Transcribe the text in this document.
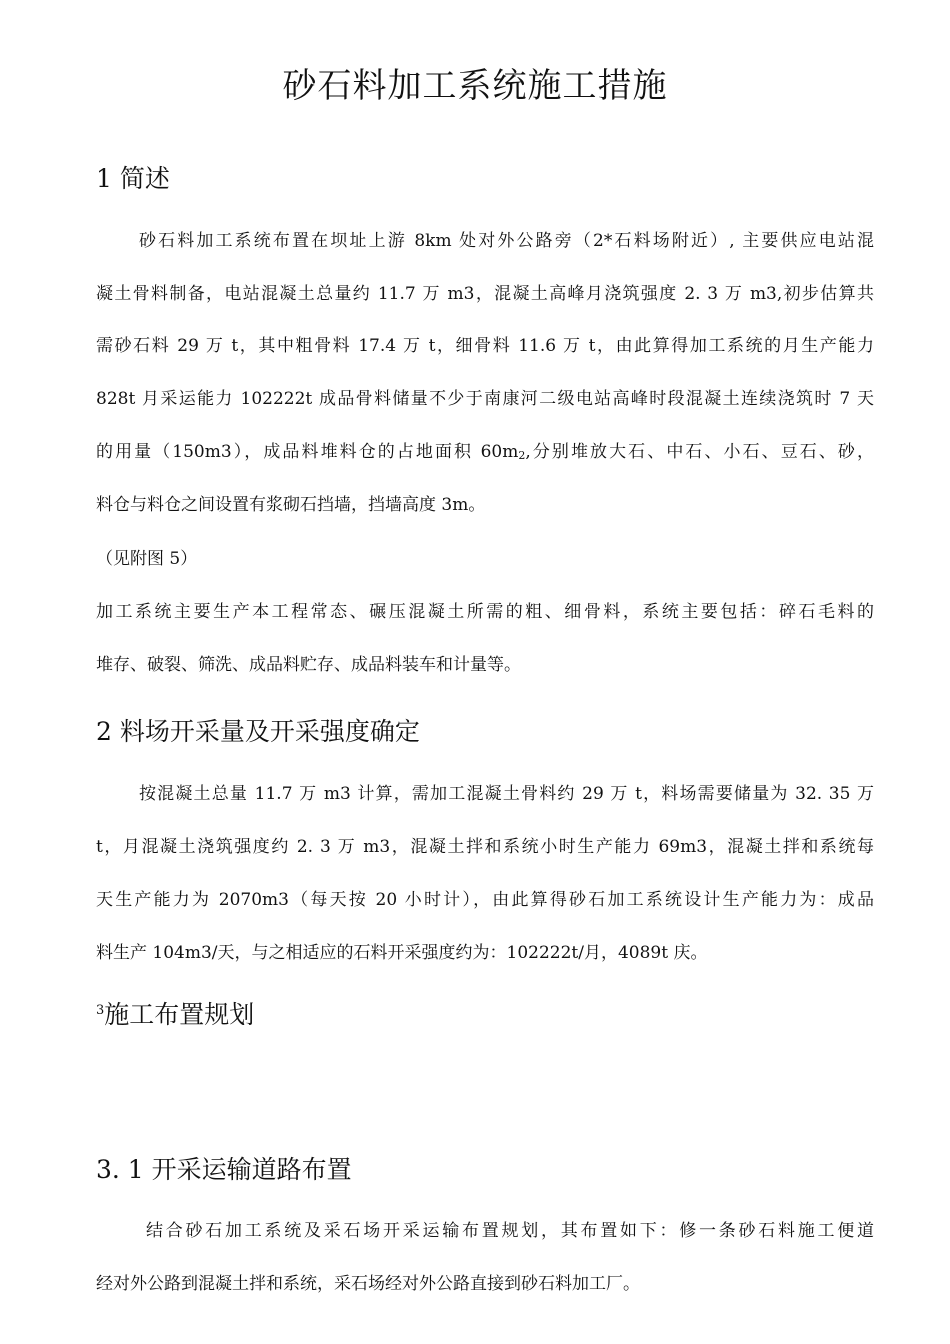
砂石料加工系统施工措施
1 简述
砂石料加工系统布置在坝址上游 8km 处对外公路旁（2*石料场附近）, 主要供应电站混
凝土骨料制备，电站混凝土总量约 11.7 万 m3，混凝土高峰月浇筑强度 2. 3 万 m3,初步估算共
需砂石料 29 万 t，其中粗骨料 17.4 万 t，细骨料 11.6 万 t，由此算得加工系统的月生产能力
828t 月采运能力 102222t 成品骨料储量不少于南康河二级电站高峰时段混凝土连续浇筑时 7 天
的用量（150m3），成品料堆料仓的占地面积 60m2,分别堆放大石、中石、小石、豆石、砂，
料仓与料仓之间设置有浆砌石挡墙，挡墙高度 3m。
（见附图 5）
加工系统主要生产本工程常态、碾压混凝土所需的粗、细骨料，系统主要包括：碎石毛料的
堆存、破裂、筛洗、成品料贮存、成品料装车和计量等。
2 料场开采量及开采强度确定
按混凝土总量 11.7 万 m3 计算，需加工混凝土骨料约 29 万 t，料场需要储量为 32. 35 万
t，月混凝土浇筑强度约 2. 3 万 m3，混凝土拌和系统小时生产能力 69m3，混凝土拌和系统每
天生产能力为 2070m3（每天按 20 小时计），由此算得砂石加工系统设计生产能力为：成品
料生产 104m3/天，与之相适应的石料开采强度约为：102222t/月，4089t 庆。
$^3$施工布置规划
3. 1 开采运输道路布置
结合砂石加工系统及采石场开采运输布置规划，其布置如下：修一条砂石料施工便道
经对外公路到混凝土拌和系统，采石场经对外公路直接到砂石料加工厂。
